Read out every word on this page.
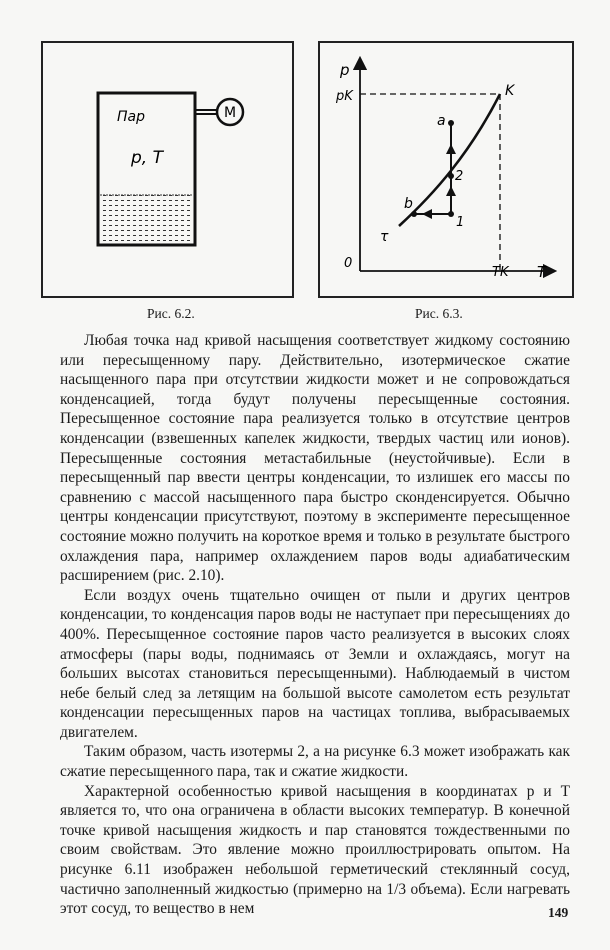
M
Пар
p, T
Рис. 6.2.
p
T
0
pK
TK
K
a
2
1
b
τ
Рис. 6.3.

Любая точка над кривой насыщения соответствует жидкому состоянию или пересыщенному пару. Действительно, изотермическое сжатие насыщенного пара при отсутствии жидкости может и не сопровождаться конденсацией, тогда будут получены пересыщенные состояния. Пересыщенное состояние пара реализуется только в отсутствие центров конденсации (взвешенных капелек жидкости, твердых частиц или ионов). Пересыщенные состояния метастабильные (неустойчивые). Если в пересыщенный пар ввести центры конденсации, то излишек его массы по сравнению с массой насыщенного пара быстро сконденсируется. Обычно центры конденсации присутствуют, поэтому в эксперименте пересыщенное состояние можно получить на короткое время и только в результате быстрого охлаждения пара, например охлаждением паров воды адиабатическим расширением (рис. 2.10).

Если воздух очень тщательно очищен от пыли и других центров конденсации, то конденсация паров воды не наступает при пересыщениях до 400%. Пересыщенное состояние паров часто реализуется в высоких слоях атмосферы (пары воды, поднимаясь от Земли и охлаждаясь, могут на больших высотах становиться пересыщенными). Наблюдаемый в чистом небе белый след за летящим на большой высоте самолетом есть результат конденсации пересыщенных паров на частицах топлива, выбрасываемых двигателем.

Таким образом, часть изотермы 2, a на рисунке 6.3 может изображать как сжатие пересыщенного пара, так и сжатие жидкости.

Характерной особенностью кривой насыщения в координатах p и T является то, что она ограничена в области высоких температур. В конечной точке кривой насыщения жидкость и пар становятся тождественными по своим свойствам. Это явление можно проиллюстрировать опытом. На рисунке 6.11 изображен небольшой герметический стеклянный сосуд, частично заполненный жидкостью (примерно на 1/3 объема). Если нагревать этот сосуд, то вещество в нем	149
